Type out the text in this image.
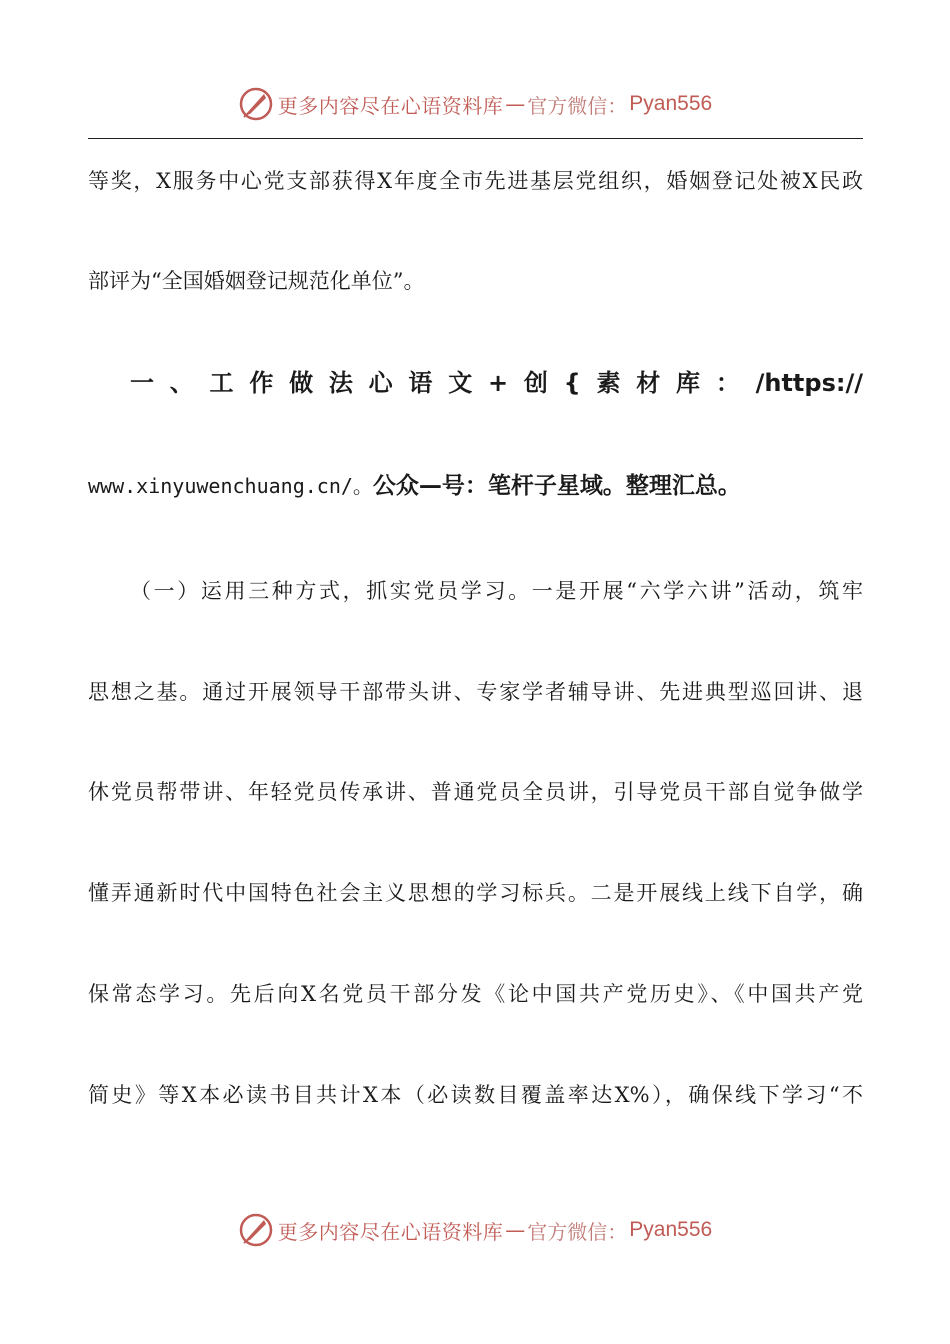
更多内容尽在心语资料库 — 官方微信： Pyan556
等奖，X服务中心党支部获得X年度全市先进基层党组织，婚姻登记处被X民政
部评为“全国婚姻登记规范化单位”。
一、工作做法心语文+创{素材库：/https://
www.xinyuwenchuang.cn/。公众—号：笔杆子星域。整理汇总。
（一）运用三种方式，抓实党员学习。一是开展“六学六讲”活动，筑牢
思想之基。通过开展领导干部带头讲、专家学者辅导讲、先进典型巡回讲、退
休党员帮带讲、年轻党员传承讲、普通党员全员讲，引导党员干部自觉争做学
懂弄通新时代中国特色社会主义思想的学习标兵。二是开展线上线下自学，确
保常态学习。先后向X名党员干部分发《论中国共产党历史》、《中国共产党
简史》等X本必读书目共计X本（必读数目覆盖率达X%），确保线下学习“不
更多内容尽在心语资料库 — 官方微信： Pyan556
